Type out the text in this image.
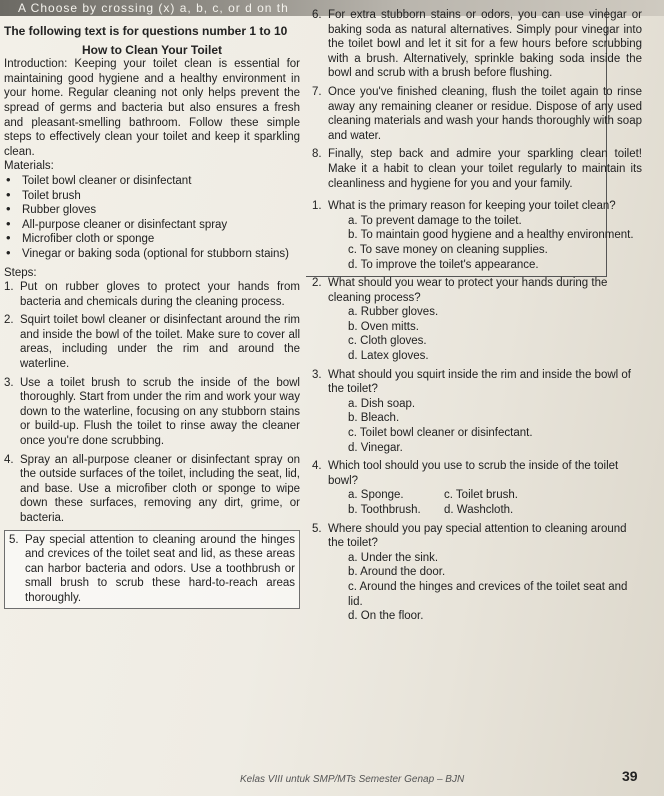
A Choose by crossing (x) a, b, c, or d on th

The following text is for questions number 1 to 10

How to Clean Your Toilet

Introduction: Keeping your toilet clean is essential for maintaining good hygiene and a healthy environment in your home. Regular cleaning not only helps prevent the spread of germs and bacteria but also ensures a fresh and pleasant-smelling bathroom. Follow these simple steps to effectively clean your toilet and keep it sparkling clean.

Materials:

• Toilet bowl cleaner or disinfectant
• Toilet brush
• Rubber gloves
• All-purpose cleaner or disinfectant spray
• Microfiber cloth or sponge
• Vinegar or baking soda (optional for stubborn stains)

Steps:

1. Put on rubber gloves to protect your hands from bacteria and chemicals during the cleaning process.
2. Squirt toilet bowl cleaner or disinfectant around the rim and inside the bowl of the toilet. Make sure to cover all areas, including under the rim and around the waterline.
3. Use a toilet brush to scrub the inside of the bowl thoroughly. Start from under the rim and work your way down to the waterline, focusing on any stubborn stains or build-up. Flush the toilet to rinse away the cleaner once you're done scrubbing.
4. Spray an all-purpose cleaner or disinfectant spray on the outside surfaces of the toilet, including the seat, lid, and base. Use a microfiber cloth or sponge to wipe down these surfaces, removing any dirt, grime, or bacteria.
5. Pay special attention to cleaning around the hinges and crevices of the toilet seat and lid, as these areas can harbor bacteria and odors. Use a toothbrush or small brush to scrub these hard-to-reach areas thoroughly.
6. For extra stubborn stains or odors, you can use vinegar or baking soda as natural alternatives. Simply pour vinegar into the toilet bowl and let it sit for a few hours before scrubbing with a brush. Alternatively, sprinkle baking soda inside the bowl and scrub with a brush before flushing.
7. Once you've finished cleaning, flush the toilet again to rinse away any remaining cleaner or residue. Dispose of any used cleaning materials and wash your hands thoroughly with soap and water.
8. Finally, step back and admire your sparkling clean toilet! Make it a habit to clean your toilet regularly to maintain its cleanliness and hygiene for you and your family.
1. What is the primary reason for keeping your toilet clean?
a. To prevent damage to the toilet.
b. To maintain good hygiene and a healthy environment.
c. To save money on cleaning supplies.
d. To improve the toilet's appearance.
2. What should you wear to protect your hands during the cleaning process?
a. Rubber gloves.
b. Oven mitts.
c. Cloth gloves.
d. Latex gloves.
3. What should you squirt inside the rim and inside the bowl of the toilet?
a. Dish soap.
b. Bleach.
c. Toilet bowl cleaner or disinfectant.
d. Vinegar.
4. Which tool should you use to scrub the inside of the toilet bowl?
a. Sponge.	c. Toilet brush.
b. Toothbrush.	d. Washcloth.
5. Where should you pay special attention to cleaning around the toilet?
a. Under the sink.
b. Around the door.
c. Around the hinges and crevices of the toilet seat and lid.
d. On the floor.
Kelas VIII untuk SMP/MTs Semester Genap – BJN	39
